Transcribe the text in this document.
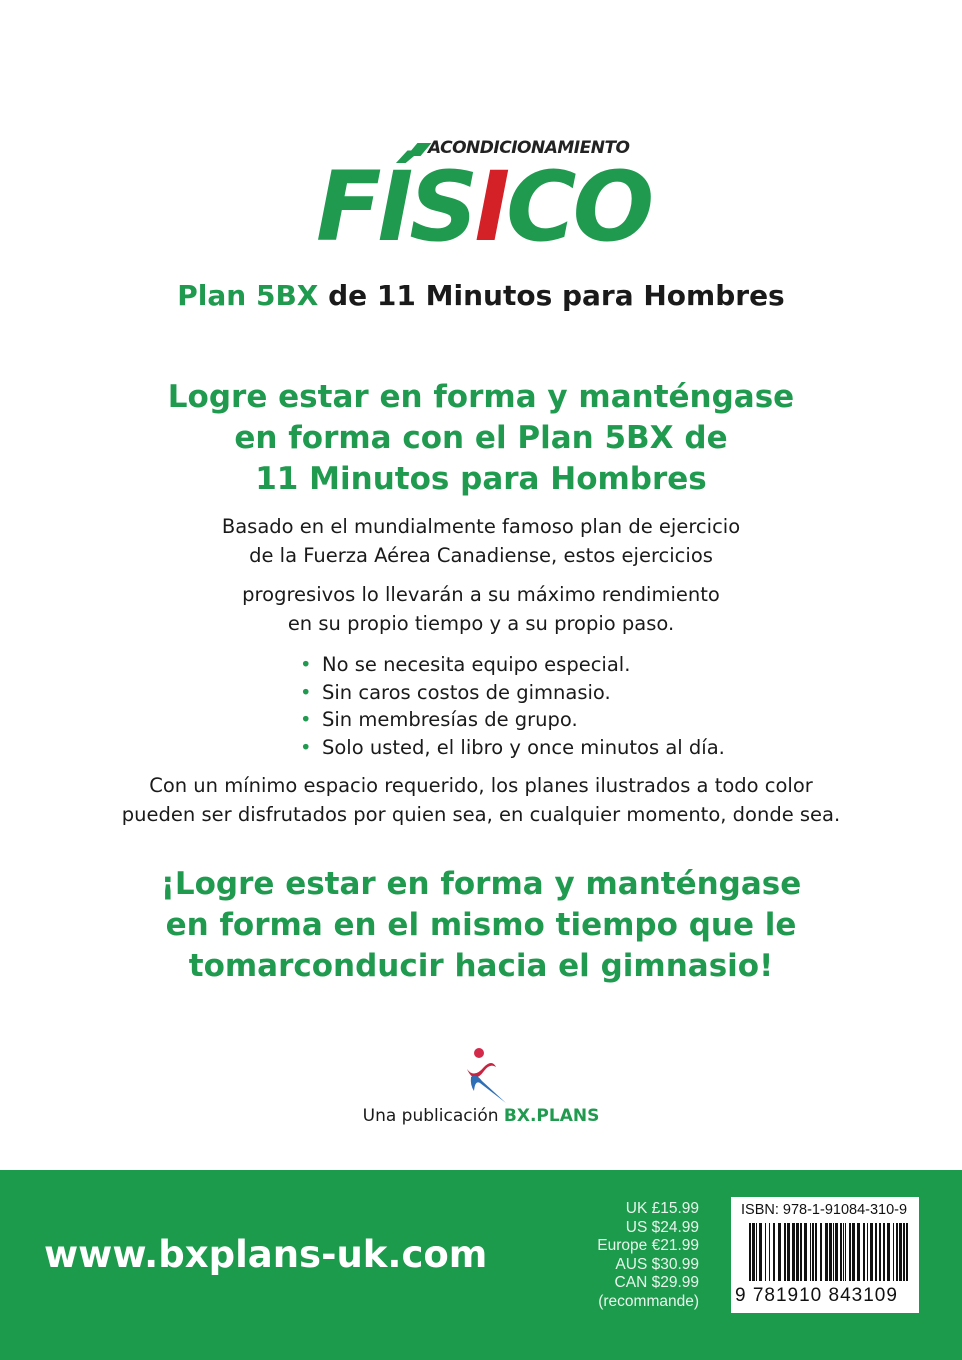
ACONDICIONAMIENTO
FÍSICO
Plan 5BX de 11 Minutos para Hombres
Logre estar en forma y manténgase
en forma con el Plan 5BX de
11 Minutos para Hombres
Basado en el mundialmente famoso plan de ejercicio
de la Fuerza Aérea Canadiense, estos ejercicios
progresivos lo llevarán a su máximo rendimiento
en su propio tiempo y a su propio paso.
• No se necesita equipo especial.
• Sin caros costos de gimnasio.
• Sin membresías de grupo.
• Solo usted, el libro y once minutos al día.
Con un mínimo espacio requerido, los planes ilustrados a todo color
pueden ser disfrutados por quien sea, en cualquier momento, donde sea.
¡Logre estar en forma y manténgase
en forma en el mismo tiempo que le
tomarconducir hacia el gimnasio!
Una publicación BX.PLANS
www.bxplans-uk.com
UK £15.99
US $24.99
Europe €21.99
AUS $30.99
CAN $29.99
(recommande)
ISBN: 978-1-91084-310-9
9 781910 843109
